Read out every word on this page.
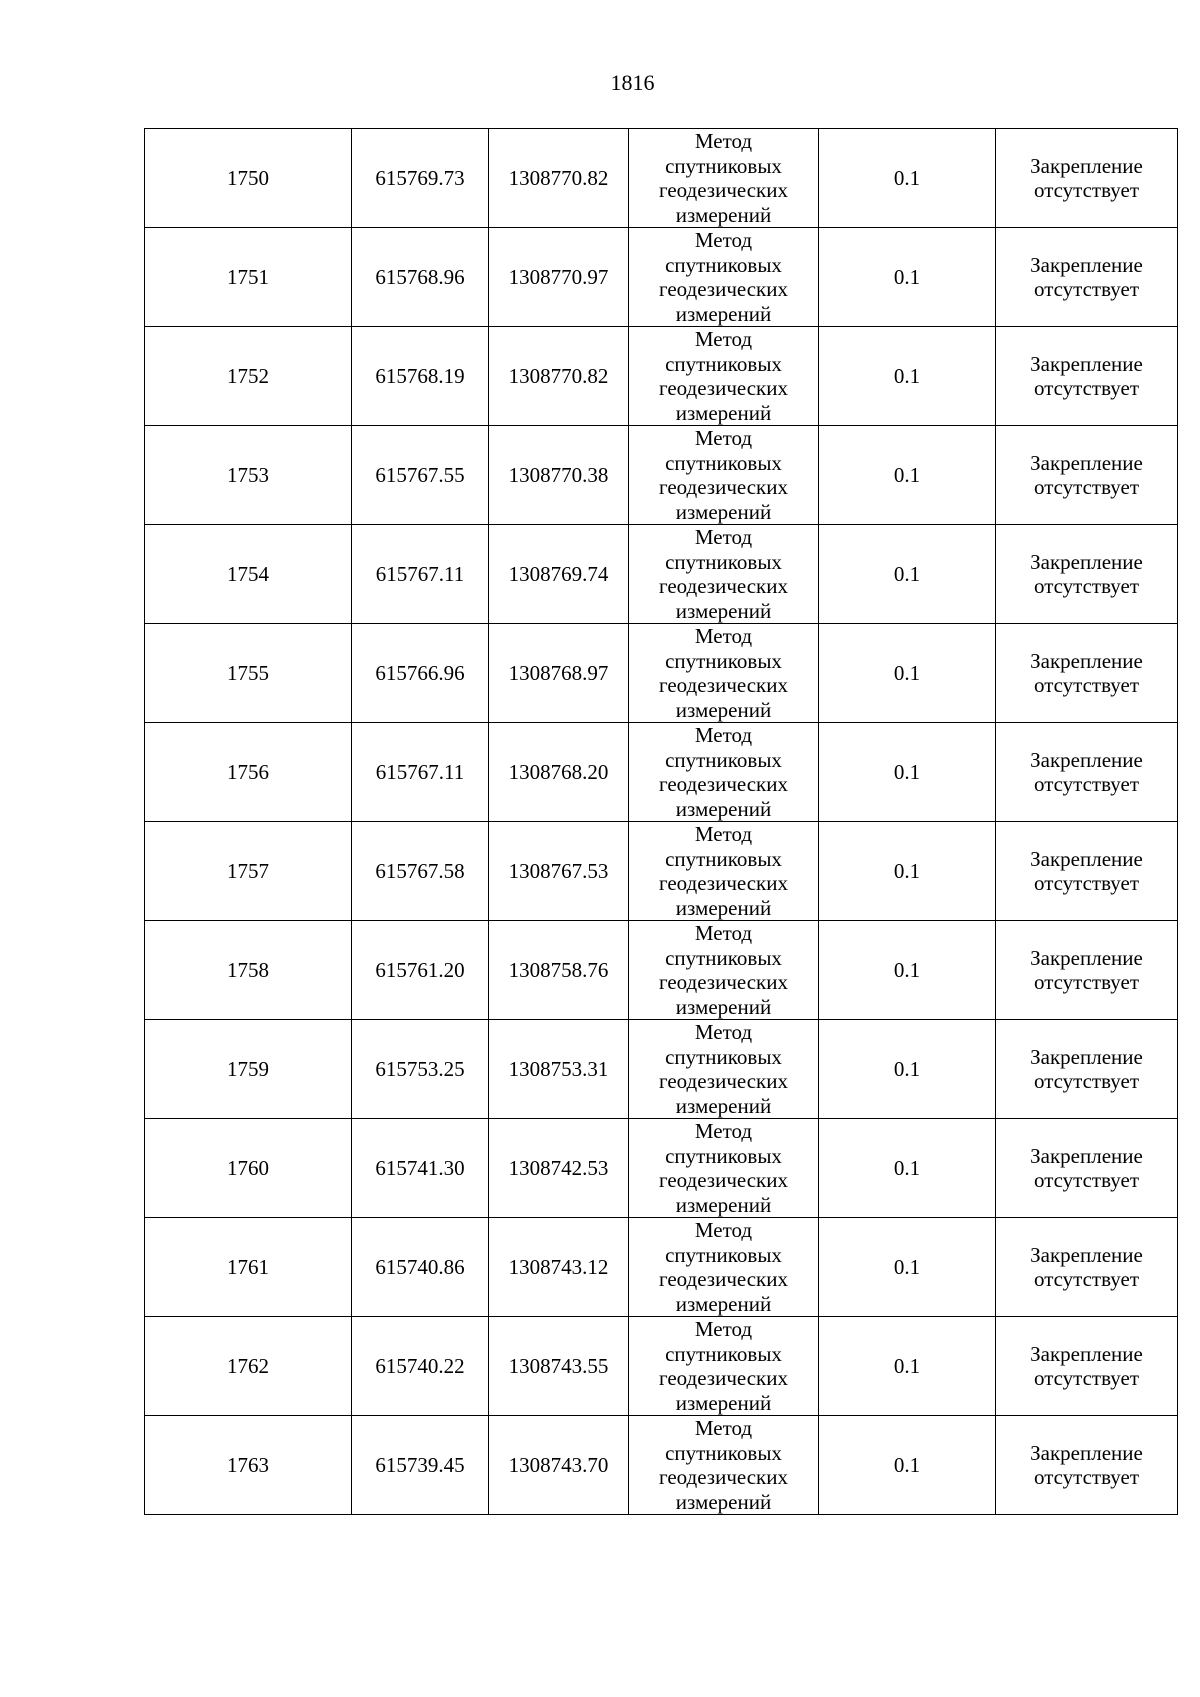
1816
1750	615769.73	1308770.82	Метод
спутниковых
геодезических
измерений	0.1	Закрепление
отсутствует

1751	615768.96	1308770.97	Метод
спутниковых
геодезических
измерений	0.1	Закрепление
отсутствует

1752	615768.19	1308770.82	Метод
спутниковых
геодезических
измерений	0.1	Закрепление
отсутствует

1753	615767.55	1308770.38	Метод
спутниковых
геодезических
измерений	0.1	Закрепление
отсутствует

1754	615767.11	1308769.74	Метод
спутниковых
геодезических
измерений	0.1	Закрепление
отсутствует

1755	615766.96	1308768.97	Метод
спутниковых
геодезических
измерений	0.1	Закрепление
отсутствует

1756	615767.11	1308768.20	Метод
спутниковых
геодезических
измерений	0.1	Закрепление
отсутствует

1757	615767.58	1308767.53	Метод
спутниковых
геодезических
измерений	0.1	Закрепление
отсутствует

1758	615761.20	1308758.76	Метод
спутниковых
геодезических
измерений	0.1	Закрепление
отсутствует

1759	615753.25	1308753.31	Метод
спутниковых
геодезических
измерений	0.1	Закрепление
отсутствует

1760	615741.30	1308742.53	Метод
спутниковых
геодезических
измерений	0.1	Закрепление
отсутствует

1761	615740.86	1308743.12	Метод
спутниковых
геодезических
измерений	0.1	Закрепление
отсутствует

1762	615740.22	1308743.55	Метод
спутниковых
геодезических
измерений	0.1	Закрепление
отсутствует

1763	615739.45	1308743.70	Метод
спутниковых
геодезических
измерений	0.1	Закрепление
отсутствует
